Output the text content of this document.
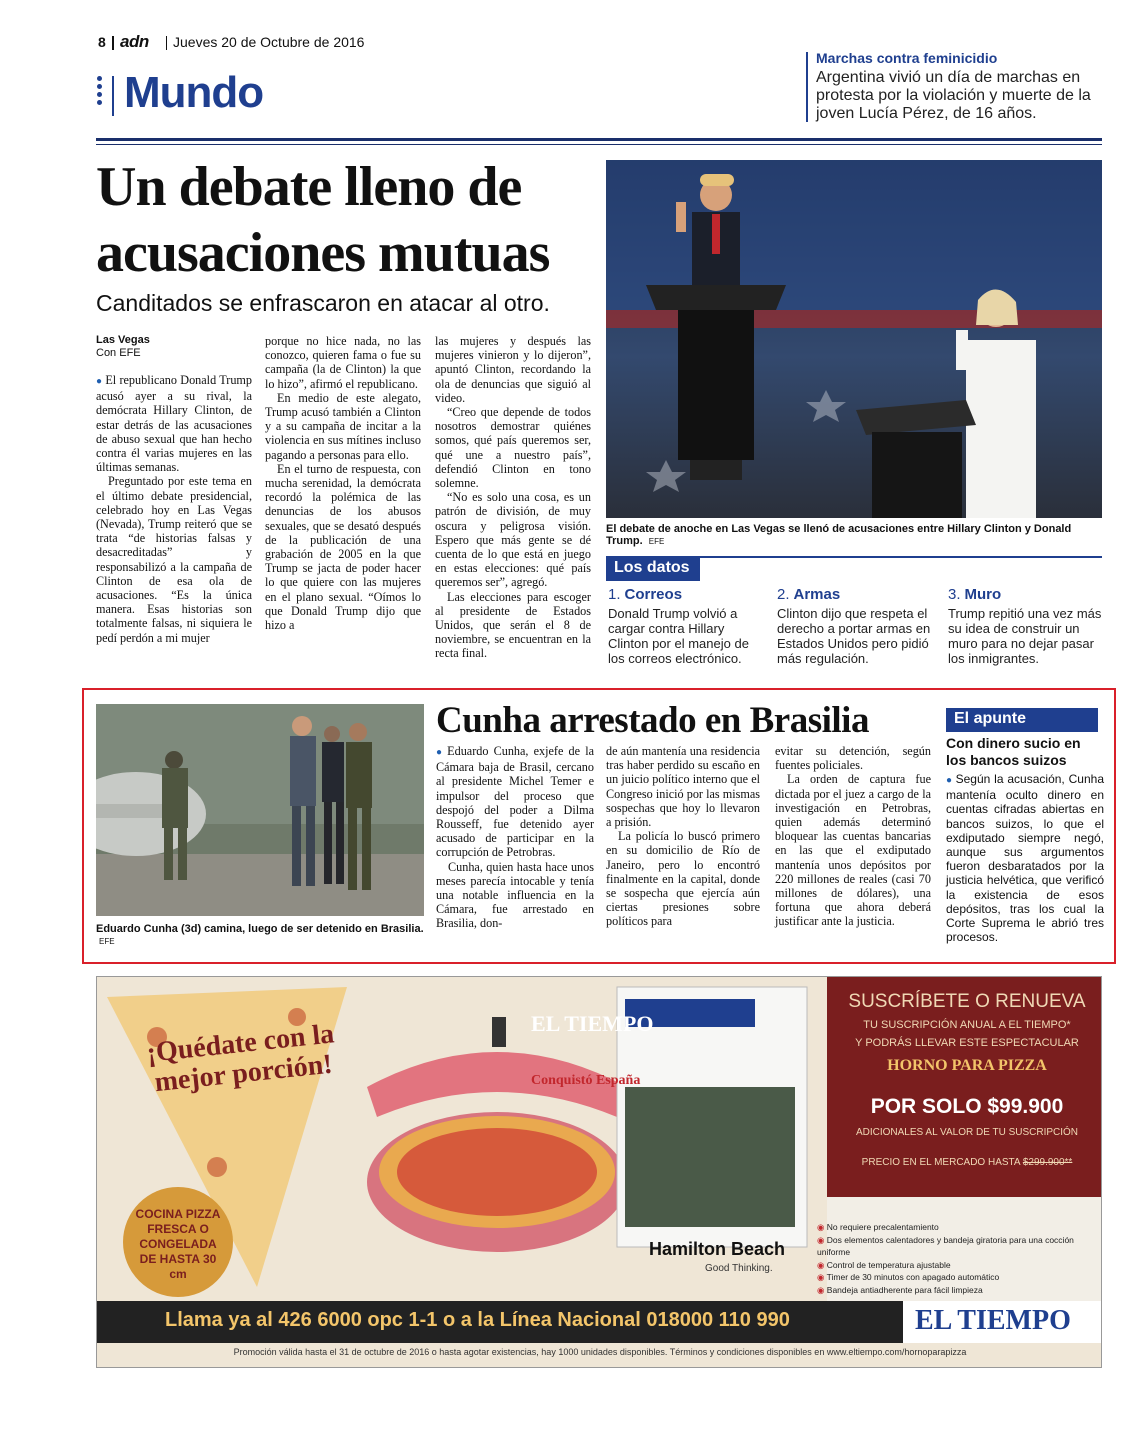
8 adn Jueves 20 de Octubre de 2016
Mundo
Marchas contra feminicidio
Argentina vivió un día de marchas en protesta por la violación y muerte de la joven Lucía Pérez, de 16 años.
Un debate lleno de
acusaciones mutuas
Canditados se enfrascaron en atacar al otro.
Las Vegas
Con EFE

● El republicano Donald Trump acusó ayer a su rival, la demócrata Hillary Clinton, de estar detrás de las acusaciones de abuso sexual que han hecho contra él varias mujeres en las últimas semanas.

Preguntado por este tema en el último debate presidencial, celebrado hoy en Las Vegas (Nevada), Trump reiteró que se trata “de historias falsas y desacreditadas” y responsabilizó a la campaña de Clinton de esa ola de acusaciones. “Es la única manera. Esas historias son totalmente falsas, ni siquiera le pedí perdón a mi mujer

porque no hice nada, no las conozco, quieren fama o fue su campaña (la de Clinton) la que lo hizo”, afirmó el republicano.

En medio de este alegato, Trump acusó también a Clinton y a su campaña de incitar a la violencia en sus mítines incluso pagando a personas para ello.

En el turno de respuesta, con mucha serenidad, la demócrata recordó la polémica de las denuncias de los abusos sexuales, que se desató después de la publicación de una grabación de 2005 en la que Trump se jacta de poder hacer lo que quiere con las mujeres en el plano sexual. “Oímos lo que Donald Trump dijo que hizo a

las mujeres y después las mujeres vinieron y lo dijeron”, apuntó Clinton, recordando la ola de denuncias que siguió al video.

“Creo que depende de todos nosotros demostrar quiénes somos, qué país queremos ser, qué une a nuestro país”, defendió Clinton en tono solemne.

“No es solo una cosa, es un patrón de división, de muy oscura y peligrosa visión. Espero que más gente se dé cuenta de lo que está en juego en estas elecciones: qué país queremos ser”, agregó.

Las elecciones para escoger al presidente de Estados Unidos, que serán el 8 de noviembre, se encuentran en la recta final.

El debate de anoche en Las Vegas se llenó de acusaciones entre Hillary Clinton y Donald Trump. EFE
Los datos
1. Correos
Donald Trump volvió a cargar contra Hillary Clinton por el manejo de los correos electrónico.
2. Armas
Clinton dijo que respeta el derecho a portar armas en Estados Unidos pero pidió más regulación.
3. Muro
Trump repitió una vez más su idea de construir un muro para no dejar pasar los inmigrantes.
Eduardo Cunha (3d) camina, luego de ser detenido en Brasilia. EFE
Cunha arrestado en Brasilia

● Eduardo Cunha, exjefe de la Cámara baja de Brasil, cercano al presidente Michel Temer e impulsor del proceso que despojó del poder a Dilma Rousseff, fue detenido ayer acusado de participar en la corrupción de Petrobras.

Cunha, quien hasta hace unos meses parecía intocable y tenía una notable influencia en la Cámara, fue arrestado en Brasilia, don-

de aún mantenía una residencia tras haber perdido su escaño en un juicio político interno que el Congreso inició por las mismas sospechas que hoy lo llevaron a prisión.

La policía lo buscó primero en su domicilio de Río de Janeiro, pero lo encontró finalmente en la capital, donde se sospecha que ejercía aún ciertas presiones sobre políticos para

evitar su detención, según fuentes policiales.

La orden de captura fue dictada por el juez a cargo de la investigación en Petrobras, quien además determinó bloquear las cuentas bancarias en las que el exdiputado mantenía unos depósitos por 220 millones de reales (casi 70 millones de dólares), una fortuna que ahora deberá justificar ante la justicia.

El apunte
Con dinero sucio en los bancos suizos
● Según la acusación, Cunha mantenía oculto dinero en cuentas cifradas abiertas en bancos suizos, lo que el exdiputado siempre negó, aunque sus argumentos fueron desbaratados por la justicia helvética, que verificó la existencia de esos depósitos, tras los cual la Corte Suprema le abrió tres procesos.
¡Quédate con la mejor porción!
COCINA PIZZA FRESCA O CONGELADA DE HASTA 30 cm
EL TIEMPO
Conquistó España
Hamilton Beach
Good Thinking.
SUSCRÍBETE O RENUEVA
TU SUSCRIPCIÓN ANUAL A EL TIEMPO*
Y PODRÁS LLEVAR ESTE ESPECTACULAR
HORNO PARA PIZZA
POR SOLO $99.900
ADICIONALES AL VALOR DE TU SUSCRIPCIÓN
PRECIO EN EL MERCADO HASTA $299.900**
◉ No requiere precalentamiento
◉ Dos elementos calentadores y bandeja giratoria para una cocción uniforme
◉ Control de temperatura ajustable
◉ Timer de 30 minutos con apagado automático
◉ Bandeja antiadherente para fácil limpieza
Llama ya al 426 6000 opc 1-1 o a la Línea Nacional 018000 110 990	EL TIEMPO
Promoción válida hasta el 31 de octubre de 2016 o hasta agotar existencias, hay 1000 unidades disponibles. Términos y condiciones disponibles en www.eltiempo.com/hornoparapizza
